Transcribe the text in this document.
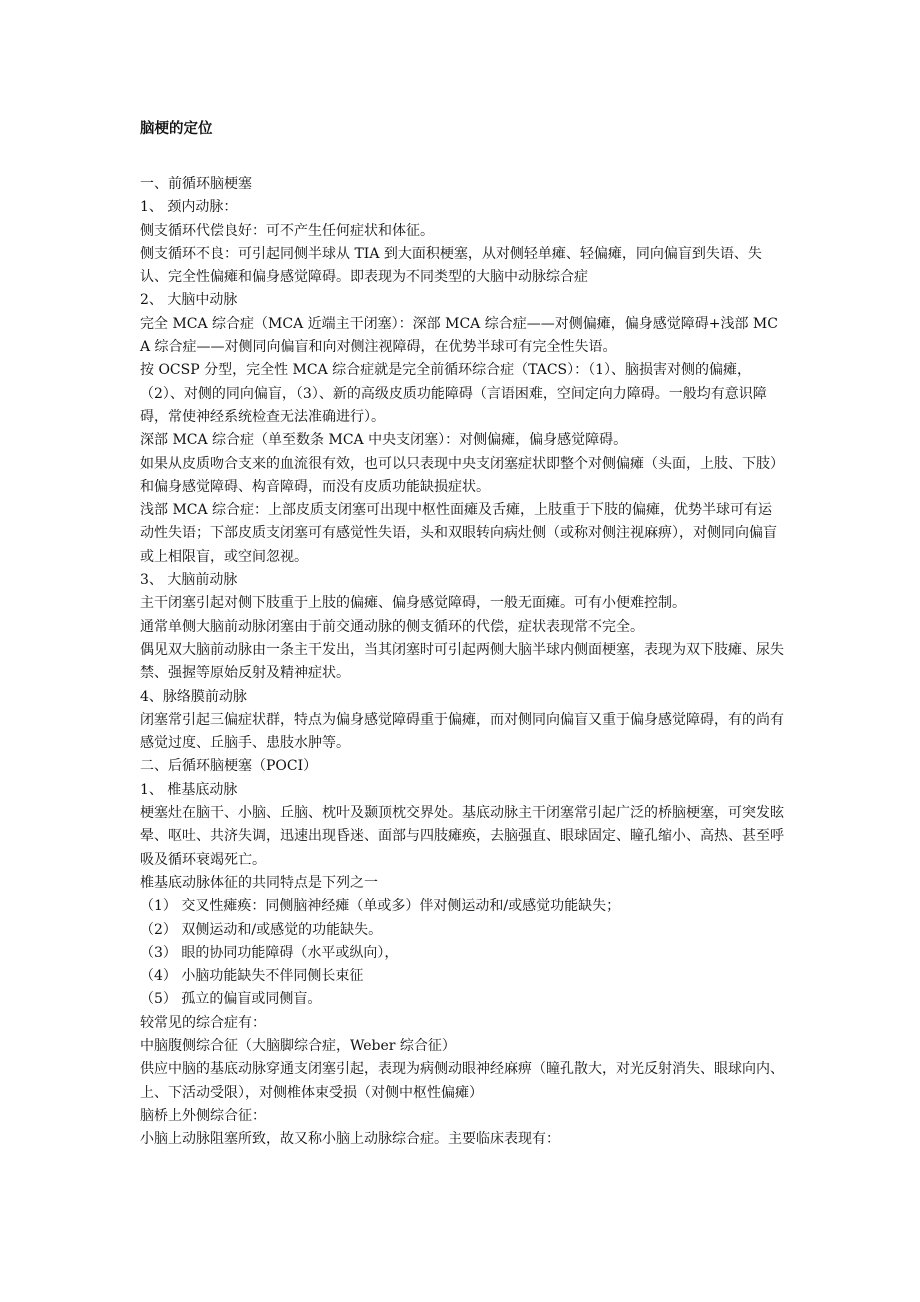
脑梗的定位

一、前循环脑梗塞

1、 颈内动脉：

侧支循环代偿良好：可不产生任何症状和体征。

侧支循环不良：可引起同侧半球从 TIA 到大面积梗塞，从对侧轻单瘫、轻偏瘫，同向偏盲到失语、失认、完全性偏瘫和偏身感觉障碍。即表现为不同类型的大脑中动脉综合症

2、 大脑中动脉

完全 MCA 综合症（MCA 近端主干闭塞）：深部 MCA 综合症——对侧偏瘫，偏身感觉障碍+浅部 MCA 综合症——对侧同向偏盲和向对侧注视障碍，在优势半球可有完全性失语。

按 OCSP 分型，完全性 MCA 综合症就是完全前循环综合症（TACS）：（1）、脑损害对侧的偏瘫，（2）、对侧的同向偏盲，（3）、新的高级皮质功能障碍（言语困难，空间定向力障碍。一般均有意识障碍，常使神经系统检查无法准确进行）。

深部 MCA 综合症（单至数条 MCA 中央支闭塞）：对侧偏瘫，偏身感觉障碍。

如果从皮质吻合支来的血流很有效，也可以只表现中央支闭塞症状即整个对侧偏瘫（头面，上肢、下肢）和偏身感觉障碍、构音障碍，而没有皮质功能缺损症状。

浅部 MCA 综合症：上部皮质支闭塞可出现中枢性面瘫及舌瘫，上肢重于下肢的偏瘫，优势半球可有运动性失语；下部皮质支闭塞可有感觉性失语，头和双眼转向病灶侧（或称对侧注视麻痹），对侧同向偏盲或上相限盲，或空间忽视。

3、 大脑前动脉

主干闭塞引起对侧下肢重于上肢的偏瘫、偏身感觉障碍，一般无面瘫。可有小便难控制。

通常单侧大脑前动脉闭塞由于前交通动脉的侧支循环的代偿，症状表现常不完全。

偶见双大脑前动脉由一条主干发出，当其闭塞时可引起两侧大脑半球内侧面梗塞，表现为双下肢瘫、尿失禁、强握等原始反射及精神症状。

4、脉络膜前动脉

闭塞常引起三偏症状群，特点为偏身感觉障碍重于偏瘫，而对侧同向偏盲又重于偏身感觉障碍，有的尚有感觉过度、丘脑手、患肢水肿等。

二、后循环脑梗塞（POCI）

1、 椎基底动脉

梗塞灶在脑干、小脑、丘脑、枕叶及颞顶枕交界处。基底动脉主干闭塞常引起广泛的桥脑梗塞，可突发眩晕、呕吐、共济失调，迅速出现昏迷、面部与四肢瘫痪，去脑强直、眼球固定、瞳孔缩小、高热、甚至呼吸及循环衰竭死亡。

椎基底动脉体征的共同特点是下列之一

（1） 交叉性瘫痪：同侧脑神经瘫（单或多）伴对侧运动和/或感觉功能缺失；

（2） 双侧运动和/或感觉的功能缺失。

（3） 眼的协同功能障碍（水平或纵向），

（4） 小脑功能缺失不伴同侧长束征

（5） 孤立的偏盲或同侧盲。

较常见的综合症有：

中脑腹侧综合征（大脑脚综合症，Weber 综合征）

供应中脑的基底动脉穿通支闭塞引起，表现为病侧动眼神经麻痹（瞳孔散大，对光反射消失、眼球向内、上、下活动受限），对侧椎体束受损（对侧中枢性偏瘫）

脑桥上外侧综合征：

小脑上动脉阻塞所致，故又称小脑上动脉综合症。主要临床表现有：
